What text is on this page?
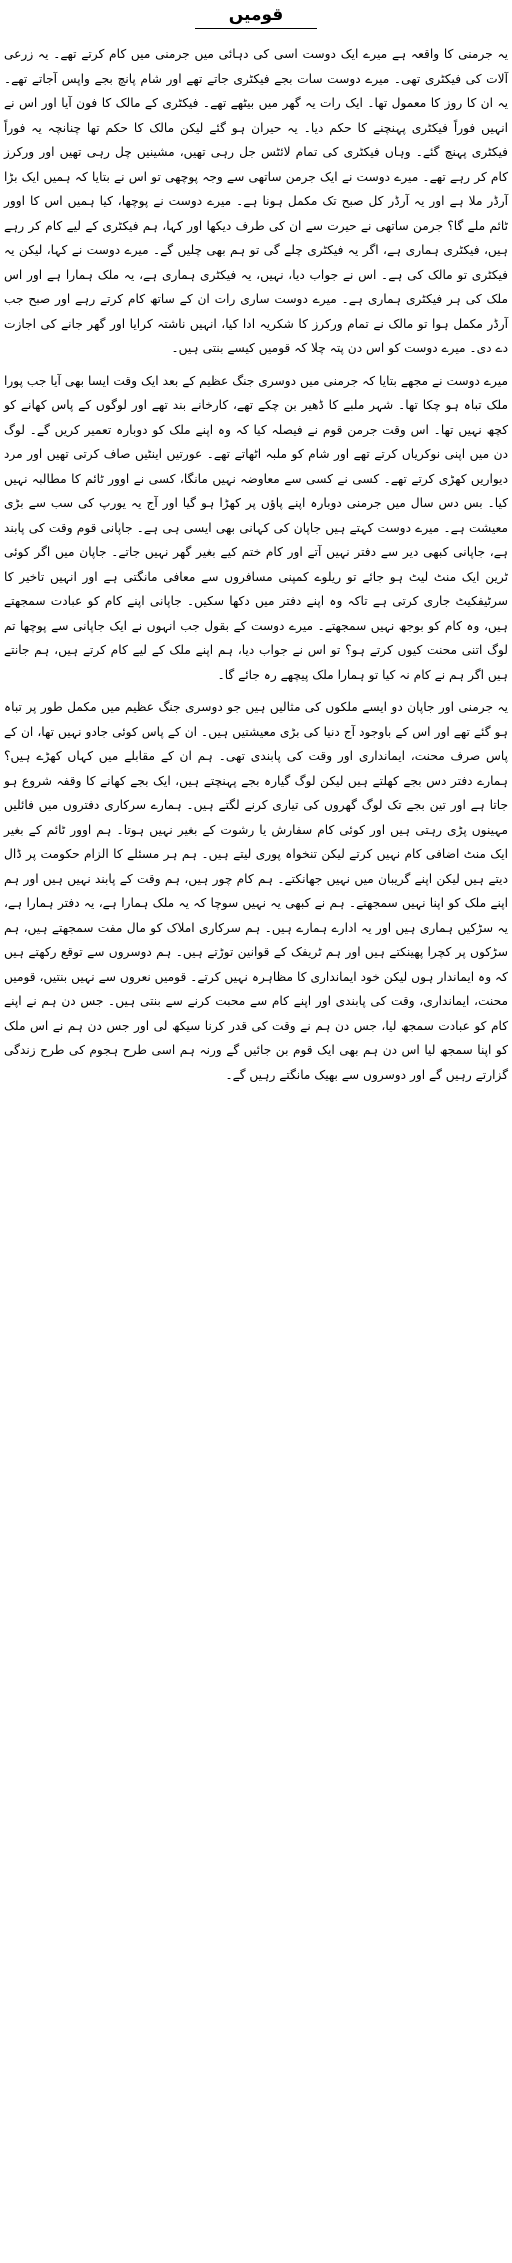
قومیں

یہ جرمنی کا واقعہ ہے میرے ایک دوست اسی کی دہائی میں جرمنی میں کام کرتے تھے۔ یہ زرعی آلات کی فیکٹری تھی۔ میرے دوست سات بجے فیکٹری جاتے تھے اور شام پانچ بجے واپس آجاتے تھے۔ یہ ان کا روز کا معمول تھا۔ ایک رات یہ گھر میں بیٹھے تھے۔ فیکٹری کے مالک کا فون آیا اور اس نے انہیں فوراً فیکٹری پہنچنے کا حکم دیا۔ یہ حیران ہو گئے لیکن مالک کا حکم تھا چنانچہ یہ فوراً فیکٹری پہنچ گئے۔ وہاں فیکٹری کی تمام لائٹس جل رہی تھیں، مشینیں چل رہی تھیں اور ورکرز کام کر رہے تھے۔ میرے دوست نے ایک جرمن ساتھی سے وجہ پوچھی تو اس نے بتایا کہ ہمیں ایک بڑا آرڈر ملا ہے اور یہ آرڈر کل صبح تک مکمل ہونا ہے۔ میرے دوست نے پوچھا، کیا ہمیں اس کا اوور ٹائم ملے گا؟ جرمن ساتھی نے حیرت سے ان کی طرف دیکھا اور کہا، ہم فیکٹری کے لیے کام کر رہے ہیں، فیکٹری ہماری ہے، اگر یہ فیکٹری چلے گی تو ہم بھی چلیں گے۔ میرے دوست نے کہا، لیکن یہ فیکٹری تو مالک کی ہے۔ اس نے جواب دیا، نہیں، یہ فیکٹری ہماری ہے، یہ ملک ہمارا ہے اور اس ملک کی ہر فیکٹری ہماری ہے۔ میرے دوست ساری رات ان کے ساتھ کام کرتے رہے اور صبح جب آرڈر مکمل ہوا تو مالک نے تمام ورکرز کا شکریہ ادا کیا، انہیں ناشتہ کرایا اور گھر جانے کی اجازت دے دی۔ میرے دوست کو اس دن پتہ چلا کہ قومیں کیسے بنتی ہیں۔

میرے دوست نے مجھے بتایا کہ جرمنی میں دوسری جنگ عظیم کے بعد ایک وقت ایسا بھی آیا جب پورا ملک تباہ ہو چکا تھا۔ شہر ملبے کا ڈھیر بن چکے تھے، کارخانے بند تھے اور لوگوں کے پاس کھانے کو کچھ نہیں تھا۔ اس وقت جرمن قوم نے فیصلہ کیا کہ وہ اپنے ملک کو دوبارہ تعمیر کریں گے۔ لوگ دن میں اپنی نوکریاں کرتے تھے اور شام کو ملبہ اٹھاتے تھے۔ عورتیں اینٹیں صاف کرتی تھیں اور مرد دیواریں کھڑی کرتے تھے۔ کسی نے کسی سے معاوضہ نہیں مانگا، کسی نے اوور ٹائم کا مطالبہ نہیں کیا۔ بس دس سال میں جرمنی دوبارہ اپنے پاؤں پر کھڑا ہو گیا اور آج یہ یورپ کی سب سے بڑی معیشت ہے۔ میرے دوست کہتے ہیں جاپان کی کہانی بھی ایسی ہی ہے۔ جاپانی قوم وقت کی پابند ہے، جاپانی کبھی دیر سے دفتر نہیں آتے اور کام ختم کیے بغیر گھر نہیں جاتے۔ جاپان میں اگر کوئی ٹرین ایک منٹ لیٹ ہو جائے تو ریلوے کمپنی مسافروں سے معافی مانگتی ہے اور انہیں تاخیر کا سرٹیفکیٹ جاری کرتی ہے تاکہ وہ اپنے دفتر میں دکھا سکیں۔ جاپانی اپنے کام کو عبادت سمجھتے ہیں، وہ کام کو بوجھ نہیں سمجھتے۔ میرے دوست کے بقول جب انہوں نے ایک جاپانی سے پوچھا تم لوگ اتنی محنت کیوں کرتے ہو؟ تو اس نے جواب دیا، ہم اپنے ملک کے لیے کام کرتے ہیں، ہم جانتے ہیں اگر ہم نے کام نہ کیا تو ہمارا ملک پیچھے رہ جائے گا۔

یہ جرمنی اور جاپان دو ایسے ملکوں کی مثالیں ہیں جو دوسری جنگ عظیم میں مکمل طور پر تباہ ہو گئے تھے اور اس کے باوجود آج دنیا کی بڑی معیشتیں ہیں۔ ان کے پاس کوئی جادو نہیں تھا، ان کے پاس صرف محنت، ایمانداری اور وقت کی پابندی تھی۔ ہم ان کے مقابلے میں کہاں کھڑے ہیں؟ ہمارے دفتر دس بجے کھلتے ہیں لیکن لوگ گیارہ بجے پہنچتے ہیں، ایک بجے کھانے کا وقفہ شروع ہو جاتا ہے اور تین بجے تک لوگ گھروں کی تیاری کرنے لگتے ہیں۔ ہمارے سرکاری دفتروں میں فائلیں مہینوں پڑی رہتی ہیں اور کوئی کام سفارش یا رشوت کے بغیر نہیں ہوتا۔ ہم اوور ٹائم کے بغیر ایک منٹ اضافی کام نہیں کرتے لیکن تنخواہ پوری لیتے ہیں۔ ہم ہر مسئلے کا الزام حکومت پر ڈال دیتے ہیں لیکن اپنے گریبان میں نہیں جھانکتے۔ ہم کام چور ہیں، ہم وقت کے پابند نہیں ہیں اور ہم اپنے ملک کو اپنا نہیں سمجھتے۔ ہم نے کبھی یہ نہیں سوچا کہ یہ ملک ہمارا ہے، یہ دفتر ہمارا ہے، یہ سڑکیں ہماری ہیں اور یہ ادارے ہمارے ہیں۔ ہم سرکاری املاک کو مال مفت سمجھتے ہیں، ہم سڑکوں پر کچرا پھینکتے ہیں اور ہم ٹریفک کے قوانین توڑتے ہیں۔ ہم دوسروں سے توقع رکھتے ہیں کہ وہ ایماندار ہوں لیکن خود ایمانداری کا مظاہرہ نہیں کرتے۔ قومیں نعروں سے نہیں بنتیں، قومیں محنت، ایمانداری، وقت کی پابندی اور اپنے کام سے محبت کرنے سے بنتی ہیں۔ جس دن ہم نے اپنے کام کو عبادت سمجھ لیا، جس دن ہم نے وقت کی قدر کرنا سیکھ لی اور جس دن ہم نے اس ملک کو اپنا سمجھ لیا اس دن ہم بھی ایک قوم بن جائیں گے ورنہ ہم اسی طرح ہجوم کی طرح زندگی گزارتے رہیں گے اور دوسروں سے بھیک مانگتے رہیں گے۔
